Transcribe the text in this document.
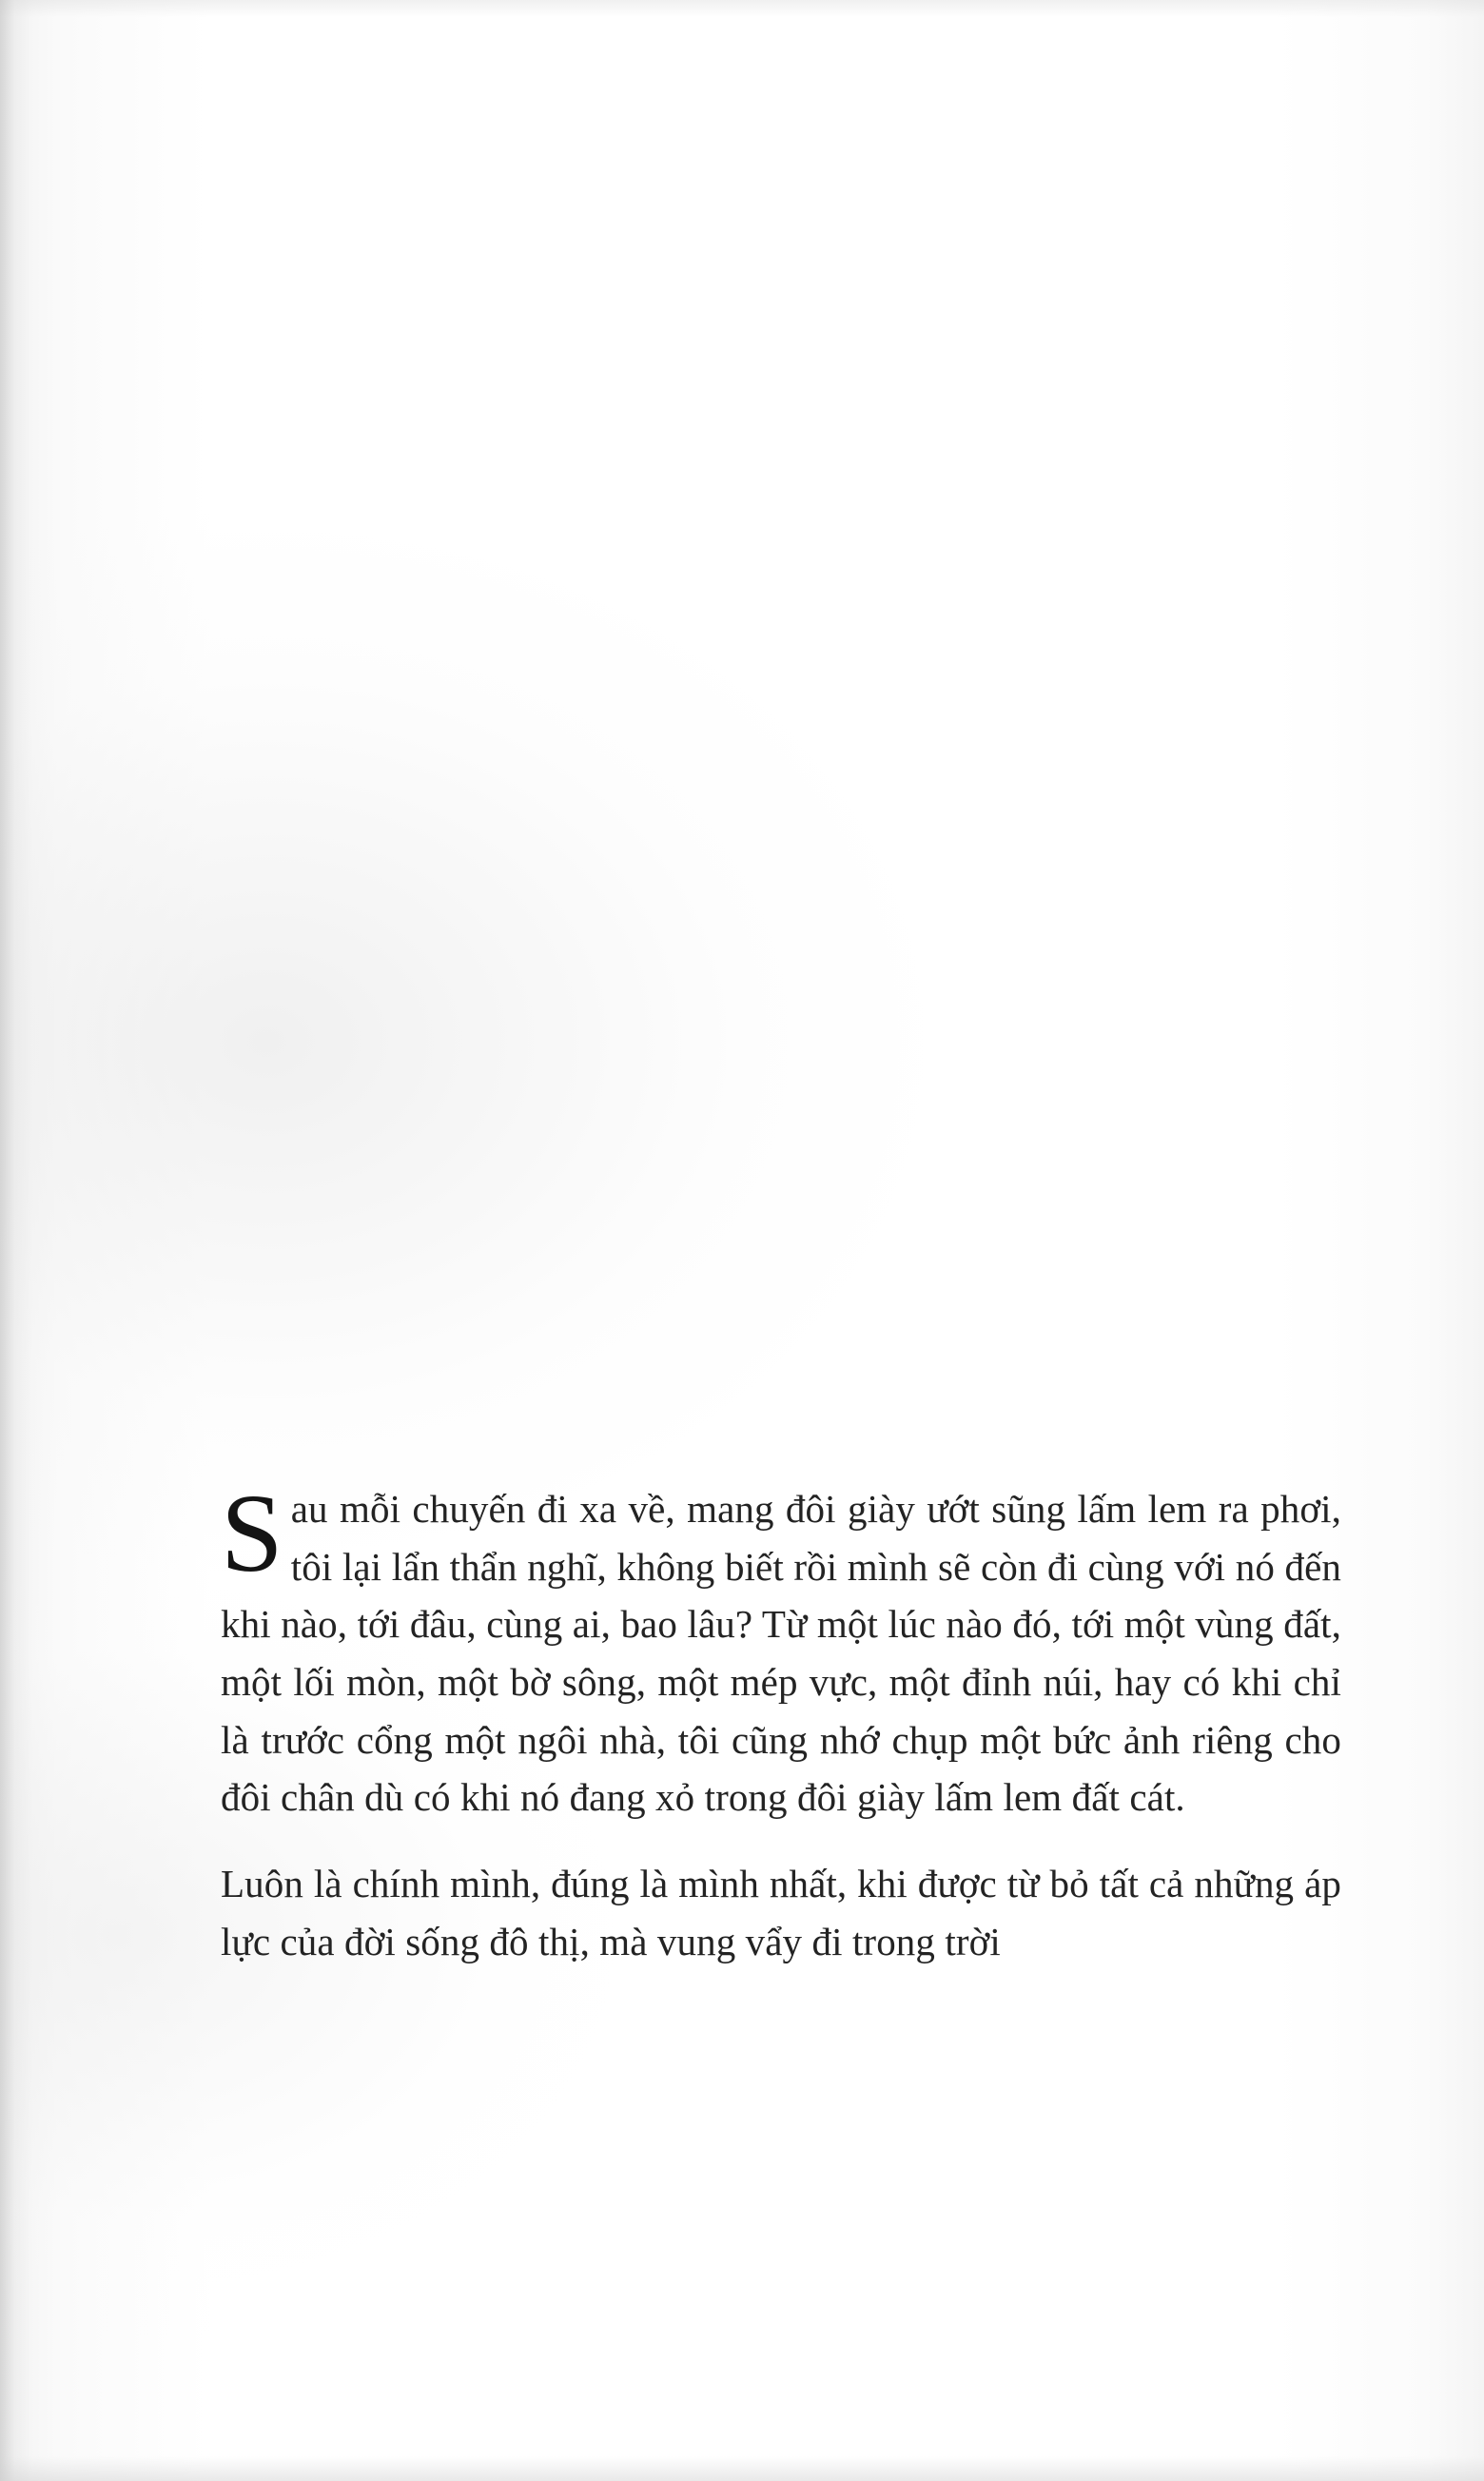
Sau mỗi chuyến đi xa về, mang đôi giày ướt sũng lấm lem ra phơi, tôi lại lẩn thẩn nghĩ, không biết rồi mình sẽ còn đi cùng với nó đến khi nào, tới đâu, cùng ai, bao lâu? Từ một lúc nào đó, tới một vùng đất, một lối mòn, một bờ sông, một mép vực, một đỉnh núi, hay có khi chỉ là trước cổng một ngôi nhà, tôi cũng nhớ chụp một bức ảnh riêng cho đôi chân dù có khi nó đang xỏ trong đôi giày lấm lem đất cát.

Luôn là chính mình, đúng là mình nhất, khi được từ bỏ tất cả những áp lực của đời sống đô thị, mà vung vẩy đi trong trời
